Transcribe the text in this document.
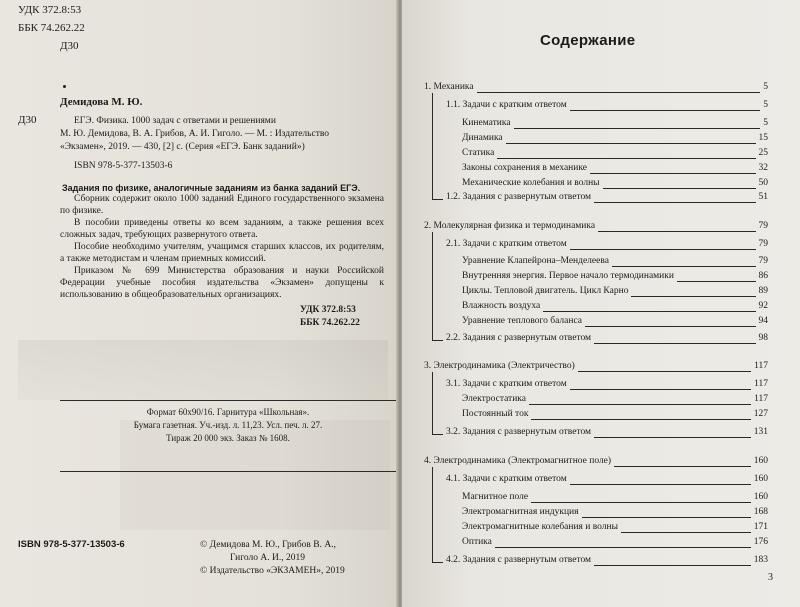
УДК 372.8:53
ББК 74.262.22
Д30
Демидова М. Ю.
Д30	ЕГЭ. Физика. 1000 задач с ответами и решениями
М. Ю. Демидова, В. А. Грибов, А. И. Гиголо. — М. : Издательство
«Экзамен», 2019. — 430, [2] с. (Серия «ЕГЭ. Банк заданий»)
ISBN 978-5-377-13503-6
Задания по физике, аналогичные заданиям из банка заданий ЕГЭ.
Сборник содержит около 1000 заданий Единого государственного экзамена по физике.
В пособии приведены ответы ко всем заданиям, а также решения всех сложных задач, требующих развернутого ответа.
Пособие необходимо учителям, учащимся старших классов, их родителям, а также методистам и членам приемных комиссий.
Приказом № 699 Министерства образования и науки Российской Федерации учебные пособия издательства «Экзамен» допущены к использованию в общеобразовательных организациях.
УДК 372.8:53
ББК 74.262.22
Формат 60x90/16. Гарнитура «Школьная».
Бумага газетная. Уч.-изд. л. 11,23. Усл. печ. л. 27.
Тираж 20 000 экз. Заказ № 1608.
ISBN 978-5-377-13503-6	© Демидова М. Ю., Грибов В. А.,
Гиголо А. И., 2019
© Издательство «ЭКЗАМЕН», 2019
Содержание
1. Механика	5
1.1. Задачи с кратким ответом	5
Кинематика	5
Динамика	15
Статика	25
Законы сохранения в механике	32
Механические колебания и волны	50
1.2. Задания с развернутым ответом	51
2. Молекулярная физика и термодинамика	79
2.1. Задачи с кратким ответом	79
Уравнение Клапейрона–Менделеева	79
Внутренняя энергия. Первое начало термодинамики	86
Циклы. Тепловой двигатель. Цикл Карно	89
Влажность воздуха	92
Уравнение теплового баланса	94
2.2. Задания с развернутым ответом	98
3. Электродинамика (Электричество)	117
3.1. Задачи с кратким ответом	117
Электростатика	117
Постоянный ток	127
3.2. Задания с развернутым ответом	131
4. Электродинамика (Электромагнитное поле)	160
4.1. Задачи с кратким ответом	160
Магнитное поле	160
Электромагнитная индукция	168
Электромагнитные колебания и волны	171
Оптика	176
4.2. Задания с развернутым ответом	183
3
